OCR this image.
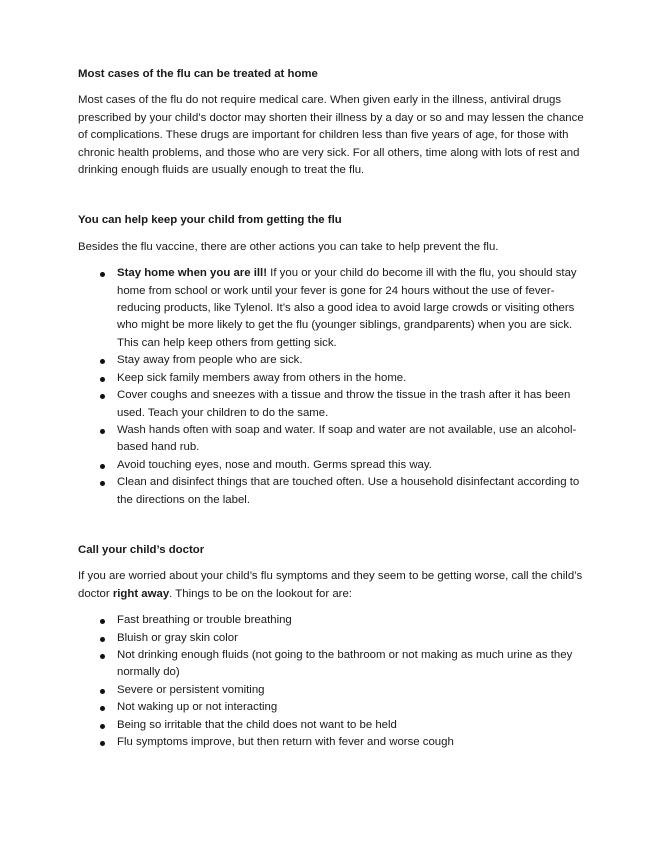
Most cases of the flu can be treated at home

Most cases of the flu do not require medical care. When given early in the illness, antiviral drugs prescribed by your child’s doctor may shorten their illness by a day or so and may lessen the chance of complications. These drugs are important for children less than five years of age, for those with chronic health problems, and those who are very sick. For all others, time along with lots of rest and drinking enough fluids are usually enough to treat the flu.

You can help keep your child from getting the flu

Besides the flu vaccine, there are other actions you can take to help prevent the flu.

Stay home when you are ill! If you or your child do become ill with the flu, you should stay home from school or work until your fever is gone for 24 hours without the use of fever-reducing products, like Tylenol. It’s also a good idea to avoid large crowds or visiting others who might be more likely to get the flu (younger siblings, grandparents) when you are sick. This can help keep others from getting sick.
Stay away from people who are sick.
Keep sick family members away from others in the home.
Cover coughs and sneezes with a tissue and throw the tissue in the trash after it has been used. Teach your children to do the same.
Wash hands often with soap and water. If soap and water are not available, use an alcohol-based hand rub.
Avoid touching eyes, nose and mouth. Germs spread this way.
Clean and disinfect things that are touched often. Use a household disinfectant according to the directions on the label.

Call your child’s doctor

If you are worried about your child’s flu symptoms and they seem to be getting worse, call the child’s doctor right away. Things to be on the lookout for are:

Fast breathing or trouble breathing
Bluish or gray skin color
Not drinking enough fluids (not going to the bathroom or not making as much urine as they normally do)
Severe or persistent vomiting
Not waking up or not interacting
Being so irritable that the child does not want to be held
Flu symptoms improve, but then return with fever and worse cough
